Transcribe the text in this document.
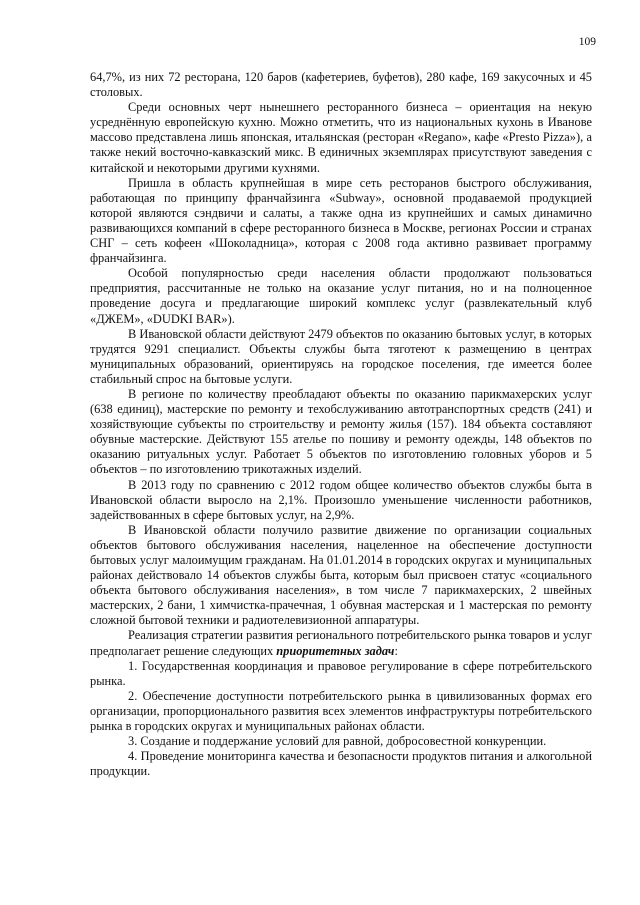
109

64,7%, из них 72 ресторана, 120 баров (кафетериев, буфетов), 280 кафе, 169 закусочных и 45 столовых.

Среди основных черт нынешнего ресторанного бизнеса – ориентация на некую усреднённую европейскую кухню. Можно отметить, что из национальных кухонь в Иванове массово представлена лишь японская, итальянская (ресторан «Regano», кафе «Presto Pizza»), а также некий восточно-кавказский микс. В единичных экземплярах присутствуют заведения с китайской и некоторыми другими кухнями.

Пришла в область крупнейшая в мире сеть ресторанов быстрого обслуживания, работающая по принципу франчайзинга «Subway», основной продаваемой продукцией которой являются сэндвичи и салаты, а также одна из крупнейших и самых динамично развивающихся компаний в сфере ресторанного бизнеса в Москве, регионах России и странах СНГ – сеть кофеен «Шоколадница», которая с 2008 года активно развивает программу франчайзинга.

Особой популярностью среди населения области продолжают пользоваться предприятия, рассчитанные не только на оказание услуг питания, но и на полноценное проведение досуга и предлагающие широкий комплекс услуг (развлекательный клуб «ДЖЕМ», «DUDKI BAR»).

В Ивановской области действуют 2479 объектов по оказанию бытовых услуг, в которых трудятся 9291 специалист. Объекты службы быта тяготеют к размещению в центрах муниципальных образований, ориентируясь на городское поселения, где имеется более стабильный спрос на бытовые услуги.

В регионе по количеству преобладают объекты по оказанию парикмахерских услуг (638 единиц), мастерские по ремонту и техобслуживанию автотранспортных средств (241) и хозяйствующие субъекты по строительству и ремонту жилья (157). 184 объекта составляют обувные мастерские. Действуют 155 ателье по пошиву и ремонту одежды, 148 объектов по оказанию ритуальных услуг. Работает 5 объектов по изготовлению головных уборов и 5 объектов – по изготовлению трикотажных изделий.

В 2013 году по сравнению с 2012 годом общее количество объектов службы быта в Ивановской области выросло на 2,1%. Произошло уменьшение численности работников, задействованных в сфере бытовых услуг, на 2,9%.

В Ивановской области получило развитие движение по организации социальных объектов бытового обслуживания населения, нацеленное на обеспечение доступности бытовых услуг малоимущим гражданам. На 01.01.2014 в городских округах и муниципальных районах действовало 14 объектов службы быта, которым был присвоен статус «социального объекта бытового обслуживания населения», в том числе 7 парикмахерских, 2 швейных мастерских, 2 бани, 1 химчистка-прачечная, 1 обувная мастерская и 1 мастерская по ремонту сложной бытовой техники и радиотелевизионной аппаратуры.

Реализация стратегии развития регионального потребительского рынка товаров и услуг предполагает решение следующих приоритетных задач:

1. Государственная координация и правовое регулирование в сфере потребительского рынка.

2. Обеспечение доступности потребительского рынка в цивилизованных формах его организации, пропорционального развития всех элементов инфраструктуры потребительского рынка в городских округах и муниципальных районах области.

3. Создание и поддержание условий для равной, добросовестной конкуренции.

4. Проведение мониторинга качества и безопасности продуктов питания и алкогольной продукции.
